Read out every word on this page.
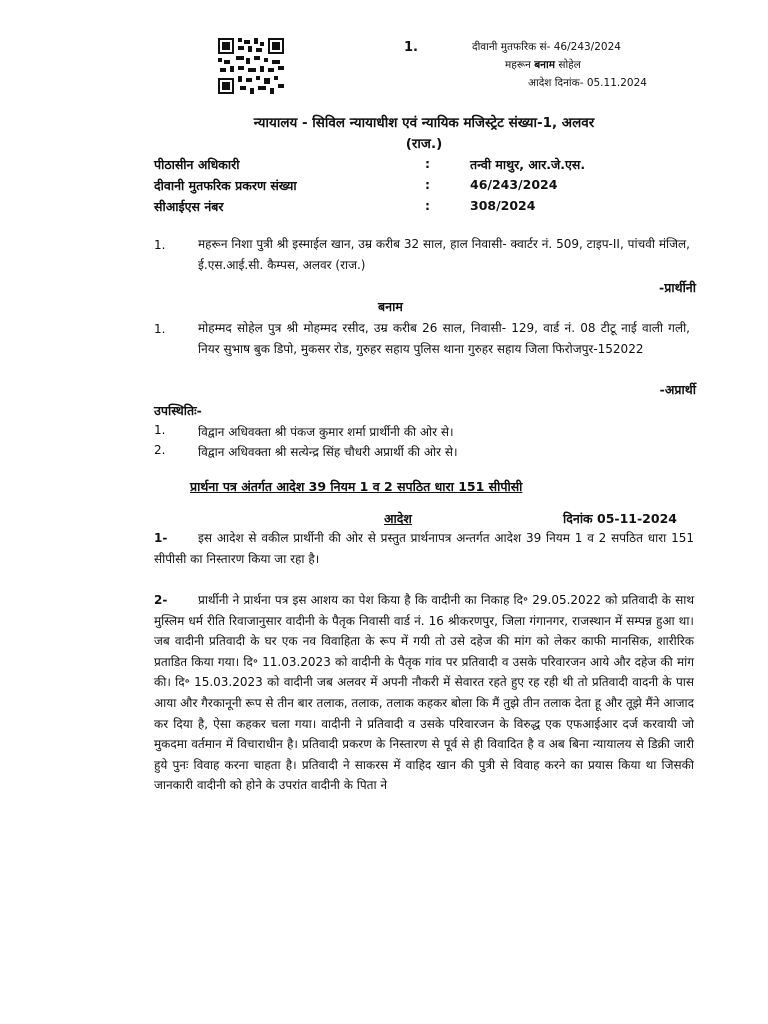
1.	दीवानी मुतफरिक सं- 46/243/2024
महरून बनाम सोहेल
आदेश दिनांक- 05.11.2024
न्यायालय - सिविल न्यायाधीश एवं न्यायिक मजिस्ट्रेट संख्या-1, अलवर
(राज.)
पीठासीन अधिकारी	:	तन्वी माथुर, आर.जे.एस.
दीवानी मुतफरिक प्रकरण संख्या	:	46/243/2024
सीआईएस नंबर	:	308/2024
1.	महरून निशा पुत्री श्री इस्माईल खान, उम्र करीब 32 साल, हाल निवासी- क्वार्टर नं. 509, टाइप-II, पांचवी मंजिल, ई.एस.आई.सी. कैम्पस, अलवर (राज.)
-प्रार्थीनी
बनाम
1.	मोहम्मद सोहेल पुत्र श्री मोहम्मद रसीद, उम्र करीब 26 साल, निवासी- 129, वार्ड नं. 08 टीटू नाई वाली गली, नियर सुभाष बुक डिपो, मुकसर रोड, गुरुहर सहाय पुलिस थाना गुरुहर सहाय जिला फिरोजपुर-152022
-अप्रार्थी
उपस्थितिः-
1.	विद्वान अधिवक्ता श्री पंकज कुमार शर्मा प्रार्थीनी की ओर से।
2.	विद्वान अधिवक्ता श्री सत्येन्द्र सिंह चौधरी अप्रार्थी की ओर से।
प्रार्थना पत्र अंतर्गत आदेश 39 नियम 1 व 2 सपठित धारा 151 सीपीसी
आदेश	दिनांक 05-11-2024
1-	इस आदेश से वकील प्रार्थीनी की ओर से प्रस्तुत प्रार्थनापत्र अन्तर्गत आदेश 39 नियम 1 व 2 सपठित धारा 151 सीपीसी का निस्तारण किया जा रहा है।
2-	प्रार्थीनी ने प्रार्थना पत्र इस आशय का पेश किया है कि वादीनी का निकाह दि॰ 29.05.2022 को प्रतिवादी के साथ मुस्लिम धर्म रीति रिवाजानुसार वादीनी के पैतृक निवासी वार्ड नं. 16 श्रीकरणपुर, जिला गंगानगर, राजस्थान में सम्पन्न हुआ था। जब वादीनी प्रतिवादी के घर एक नव विवाहिता के रूप में गयी तो उसे दहेज की मांग को लेकर काफी मानसिक, शारीरिक प्रताडित किया गया। दि॰ 11.03.2023 को वादीनी के पैतृक गांव पर प्रतिवादी व उसके परिवारजन आये और दहेज की मांग की। दि॰ 15.03.2023 को वादीनी जब अलवर में अपनी नौकरी में सेवारत रहते हुए रह रही थी तो प्रतिवादी वादनी के पास आया और गैरकानूनी रूप से तीन बार तलाक, तलाक, तलाक कहकर बोला कि मैं तुझे तीन तलाक देता हू और तूझे मैंने आजाद कर दिया है, ऐसा कहकर चला गया। वादीनी ने प्रतिवादी व उसके परिवारजन के विरुद्ध एक एफआईआर दर्ज करवायी जो मुकदमा वर्तमान में विचाराधीन है। प्रतिवादी प्रकरण के निस्तारण से पूर्व से ही विवादित है व अब बिना न्यायालय से डिक्री जारी हुये पुनः विवाह करना चाहता है। प्रतिवादी ने साकरस में वाहिद खान की पुत्री से विवाह करने का प्रयास किया था जिसकी जानकारी वादीनी को होने के उपरांत वादीनी के पिता ने
